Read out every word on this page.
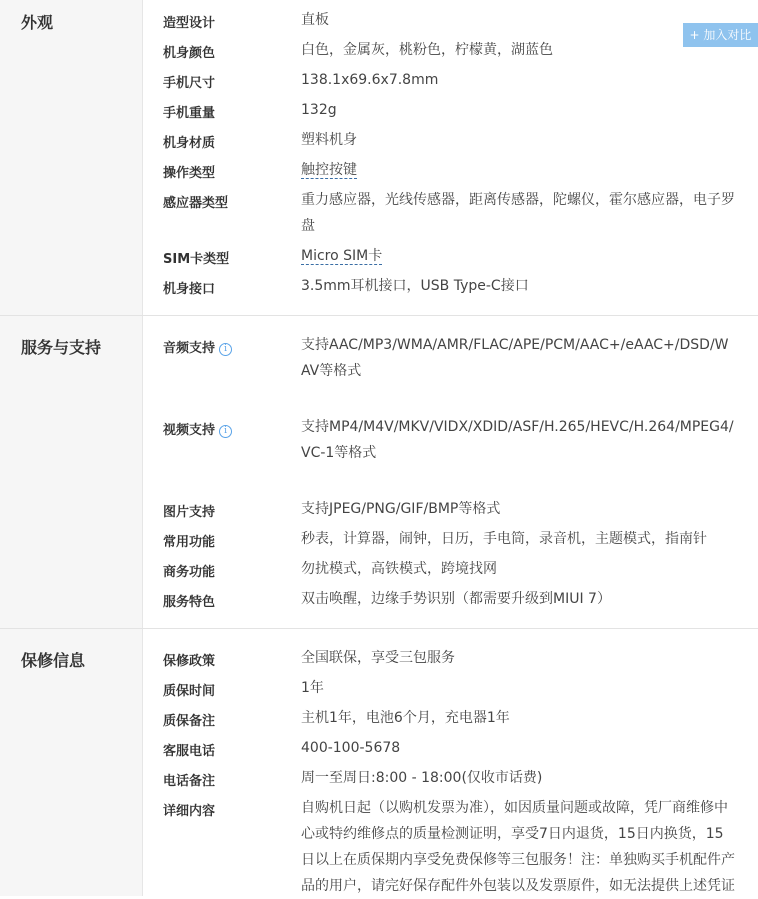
+ 加入对比
外观	造型设计	直板
机身颜色	白色，金属灰，桃粉色，柠檬黄，湖蓝色
手机尺寸	138.1x69.6x7.8mm
手机重量	132g
机身材质	塑料机身
操作类型	触控按键
感应器类型	重力感应器，光线传感器，距离传感器，陀螺仪，霍尔感应器，电子罗盘
SIM卡类型	Micro SIM卡
机身接口	3.5mm耳机接口，USB Type-C接口
服务与支持	音频支持 i	支持AAC/MP3/WMA/AMR/FLAC/APE/PCM/AAC+/eAAC+/DSD/WAV等格式
视频支持 i	支持MP4/M4V/MKV/VIDX/XDID/ASF/H.265/HEVC/H.264/MPEG4/VC-1等格式
图片支持	支持JPEG/PNG/GIF/BMP等格式
常用功能	秒表，计算器，闹钟，日历，手电筒，录音机，主题模式，指南针
商务功能	勿扰模式，高铁模式，跨境找网
服务特色	双击唤醒，边缘手势识别（都需要升级到MIUI 7）
保修信息	保修政策	全国联保，享受三包服务
质保时间	1年
质保备注	主机1年，电池6个月，充电器1年
客服电话	400-100-5678
电话备注	周一至周日:8:00 - 18:00(仅收市话费)
详细内容	自购机日起（以购机发票为准），如因质量问题或故障，凭厂商维修中心或特约维修点的质量检测证明，享受7日内退货，15日内换货，15日以上在质保期内享受免费保修等三包服务！注：单独购买手机配件产品的用户，请完好保存配件外包装以及发票原件，如无法提供上述凭证
